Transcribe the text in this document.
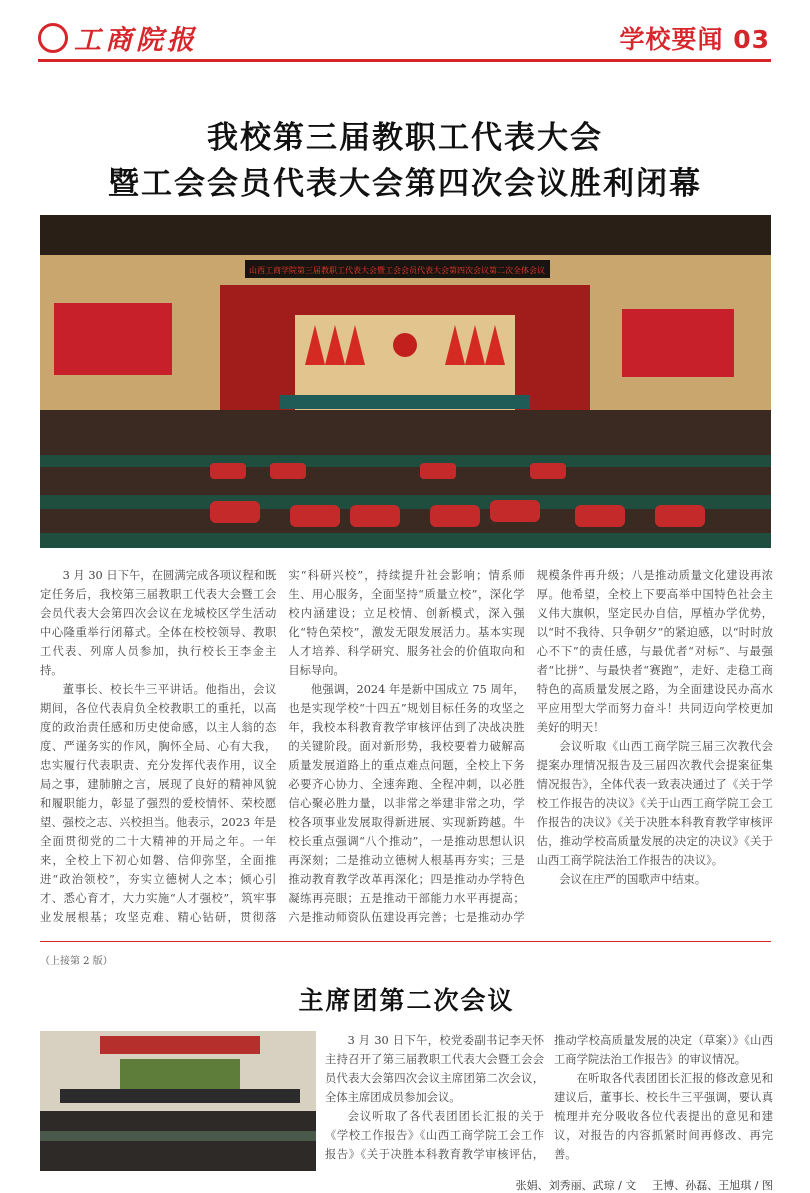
工商院报	学校要闻 03
我校第三届教职工代表大会
暨工会会员代表大会第四次会议胜利闭幕
山西工商学院第三届教职工代表大会暨工会会员代表大会第四次会议第二次全体会议

3 月 30 日下午，在圆满完成各项议程和既定任务后，我校第三届教职工代表大会暨工会会员代表大会第四次会议在龙城校区学生活动中心隆重举行闭幕式。全体在校校领导、教职工代表、列席人员参加，执行校长王李金主持。

董事长、校长牛三平讲话。他指出，会议期间，各位代表肩负全校教职工的重托，以高度的政治责任感和历史使命感，以主人翁的态度、严谨务实的作风，胸怀全局、心有大我，忠实履行代表职责、充分发挥代表作用，议全局之事，建肺腑之言，展现了良好的精神风貌和履职能力，彰显了强烈的爱校情怀、荣校愿望、强校之志、兴校担当。他表示，2023 年是全面贯彻党的二十大精神的开局之年。一年来，全校上下初心如磐、信仰弥坚，全面推进“政治领校”，夯实立德树人之本；倾心引才、悉心育才，大力实施“人才强校”，筑牢事业发展根基；攻坚克难、精心钻研，贯彻落实“科研兴校”，持续提升社会影响；情系师生、用心服务，全面坚持“质量立校”，深化学校内涵建设；立足校情、创新模式，深入强化“特色荣校”，激发无限发展活力。基本实现人才培养、科学研究、服务社会的价值取向和目标导向。

他强调，2024 年是新中国成立 75 周年，也是实现学校“十四五”规划目标任务的攻坚之年，我校本科教育教学审核评估到了决战决胜的关键阶段。面对新形势，我校要着力破解高质量发展道路上的重点难点问题，全校上下务必要齐心协力、全速奔跑、全程冲刺，以必胜信心聚必胜力量，以非常之举建非常之功，学校各项事业发展取得新进展、实现新跨越。牛校长重点强调“八个推动”，一是推动思想认识再深刻；二是推动立德树人根基再夯实；三是推动教育教学改革再深化；四是推动办学特色凝练再亮眼；五是推动干部能力水平再提高；六是推动师资队伍建设再完善；七是推动办学规模条件再升级；八是推动质量文化建设再浓厚。他希望，全校上下要高举中国特色社会主义伟大旗帜，坚定民办自信，厚植办学优势，以“时不我待、只争朝夕”的紧迫感，以“时时放心不下”的责任感，与最优者“对标”、与最强者“比拼”、与最快者“赛跑”，走好、走稳工商特色的高质量发展之路，为全面建设民办高水平应用型大学而努力奋斗！共同迈向学校更加美好的明天！

会议听取《山西工商学院三届三次教代会提案办理情况报告及三届四次教代会提案征集情况报告》，全体代表一致表决通过了《关于学校工作报告的决议》《关于山西工商学院工会工作报告的决议》《关于决胜本科教育教学审核评估，推动学校高质量发展的决定的决议》《关于山西工商学院法治工作报告的决议》。

会议在庄严的国歌声中结束。

（上接第 2 版）
主席团第二次会议

3 月 30 日下午，校党委副书记李天怀主持召开了第三届教职工代表大会暨工会会员代表大会第四次会议主席团第二次会议，全体主席团成员参加会议。

会议听取了各代表团团长汇报的关于《学校工作报告》《山西工商学院工会工作报告》《关于决胜本科教育教学审核评估，推动学校高质量发展的决定（草案）》《山西工商学院法治工作报告》的审议情况。

在听取各代表团团长汇报的修改意见和建议后，董事长、校长牛三平强调，要认真梳理并充分吸收各位代表提出的意见和建议，对报告的内容抓紧时间再修改、再完善。

张娟、刘秀丽、武琼 / 文 王博、孙磊、王旭琪 / 图
